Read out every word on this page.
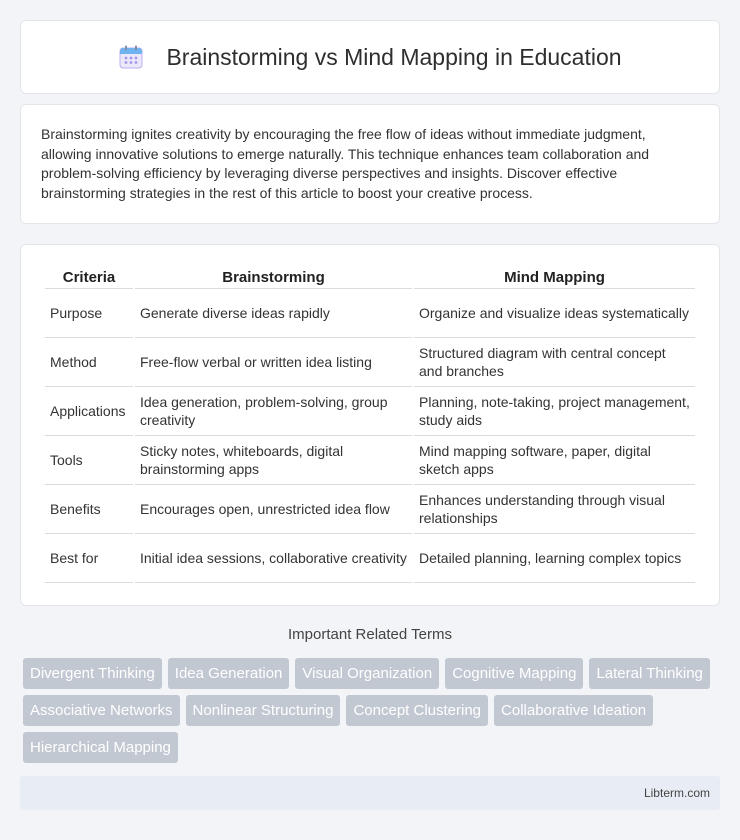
Brainstorming vs Mind Mapping in Education

Brainstorming ignites creativity by encouraging the free flow of ideas without immediate judgment, allowing innovative solutions to emerge naturally. This technique enhances team collaboration and problem-solving efficiency by leveraging diverse perspectives and insights. Discover effective brainstorming strategies in the rest of this article to boost your creative process.

Criteria	Brainstorming	Mind Mapping
Purpose	Generate diverse ideas rapidly	Organize and visualize ideas systematically
Method	Free-flow verbal or written idea listing	Structured diagram with central concept and branches
Applications	Idea generation, problem-solving, group creativity	Planning, note-taking, project management, study aids
Tools	Sticky notes, whiteboards, digital brainstorming apps	Mind mapping software, paper, digital sketch apps
Benefits	Encourages open, unrestricted idea flow	Enhances understanding through visual relationships
Best for	Initial idea sessions, collaborative creativity	Detailed planning, learning complex topics
Important Related Terms
Divergent Thinking	Idea Generation	Visual Organization	Cognitive Mapping	Lateral Thinking
Associative Networks	Nonlinear Structuring	Concept Clustering	Collaborative Ideation
Hierarchical Mapping
Libterm.com
